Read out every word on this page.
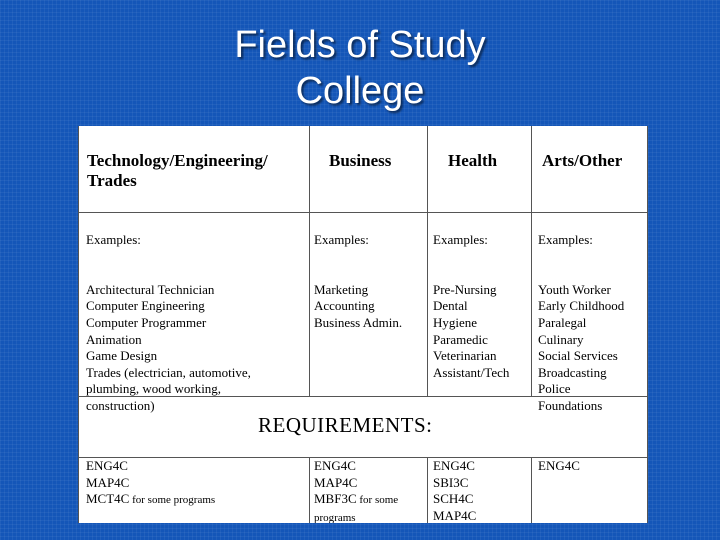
Fields of Study
College
Technology/Engineering/
Trades
Business	Health	Arts/Other

Examples:

Architectural Technician
Computer Engineering
Computer Programmer
Animation
Game Design
Trades (electrician, automotive,
plumbing, wood working,
construction)

Examples:

Marketing
Accounting
Business Admin.

Examples:

Pre-Nursing
Dental
Hygiene
Paramedic
Veterinarian
Assistant/Tech

Examples:

Youth Worker
Early Childhood
Paralegal
Culinary
Social Services
Broadcasting
Police
Foundations

REQUIREMENTS:
ENG4C
MAP4C
MCT4C for some programs
ENG4C
MAP4C
MBF3C for some
programs
ENG4C
SBI3C
SCH4C
MAP4C
ENG4C
